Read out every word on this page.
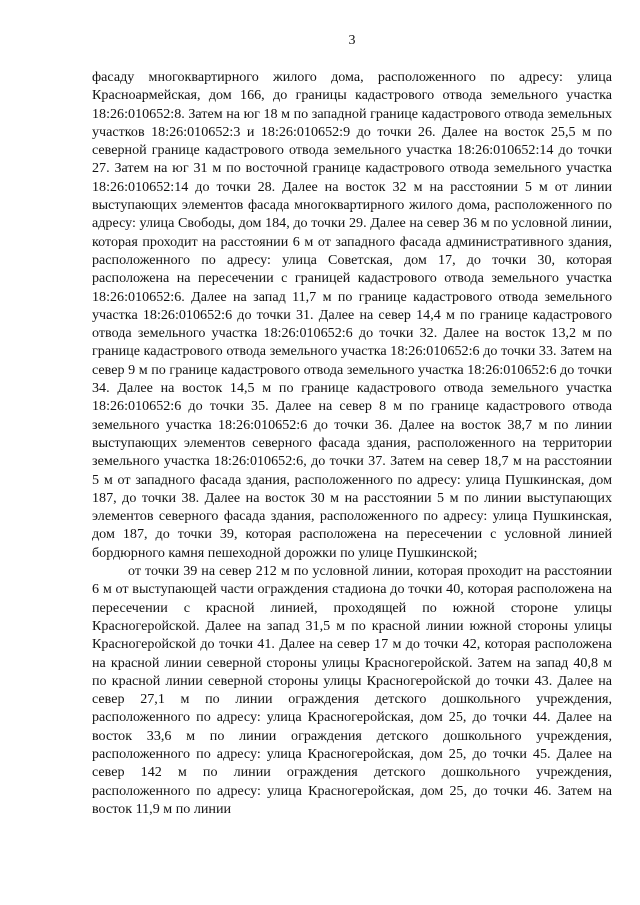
3

фасаду многоквартирного жилого дома, расположенного по адресу: улица Красноармейская, дом 166, до границы кадастрового отвода земельного участка 18:26:010652:8. Затем на юг 18 м по западной границе кадастрового отвода земельных участков 18:26:010652:3 и 18:26:010652:9 до точки 26. Далее на восток 25,5 м по северной границе кадастрового отвода земельного участка 18:26:010652:14 до точки 27. Затем на юг 31 м по восточной границе кадастрового отвода земельного участка 18:26:010652:14 до точки 28. Далее на восток 32 м на расстоянии 5 м от линии выступающих элементов фасада многоквартирного жилого дома, расположенного по адресу: улица Свободы, дом 184, до точки 29. Далее на север 36 м по условной линии, которая проходит на расстоянии 6 м от западного фасада административного здания, расположенного по адресу: улица Советская, дом 17, до точки 30, которая расположена на пересечении с границей кадастрового отвода земельного участка 18:26:010652:6. Далее на запад 11,7 м по границе кадастрового отвода земельного участка 18:26:010652:6 до точки 31. Далее на север 14,4 м по границе кадастрового отвода земельного участка 18:26:010652:6 до точки 32. Далее на восток 13,2 м по границе кадастрового отвода земельного участка 18:26:010652:6 до точки 33. Затем на север 9 м по границе кадастрового отвода земельного участка 18:26:010652:6 до точки 34. Далее на восток 14,5 м по границе кадастрового отвода земельного участка 18:26:010652:6 до точки 35. Далее на север 8 м по границе кадастрового отвода земельного участка 18:26:010652:6 до точки 36. Далее на восток 38,7 м по линии выступающих элементов северного фасада здания, расположенного на территории земельного участка 18:26:010652:6, до точки 37. Затем на север 18,7 м на расстоянии 5 м от западного фасада здания, расположенного по адресу: улица Пушкинская, дом 187, до точки 38. Далее на восток 30 м на расстоянии 5 м по линии выступающих элементов северного фасада здания, расположенного по адресу: улица Пушкинская, дом 187, до точки 39, которая расположена на пересечении с условной линией бордюрного камня пешеходной дорожки по улице Пушкинской;

от точки 39 на север 212 м по условной линии, которая проходит на расстоянии 6 м от выступающей части ограждения стадиона до точки 40, которая расположена на пересечении с красной линией, проходящей по южной стороне улицы Красногеройской. Далее на запад 31,5 м по красной линии южной стороны улицы Красногеройской до точки 41. Далее на север 17 м до точки 42, которая расположена на красной линии северной стороны улицы Красногеройской. Затем на запад 40,8 м по красной линии северной стороны улицы Красногеройской до точки 43. Далее на север 27,1 м по линии ограждения детского дошкольного учреждения, расположенного по адресу: улица Красногеройская, дом 25, до точки 44. Далее на восток 33,6 м по линии ограждения детского дошкольного учреждения, расположенного по адресу: улица Красногеройская, дом 25, до точки 45. Далее на север 142 м по линии ограждения детского дошкольного учреждения, расположенного по адресу: улица Красногеройская, дом 25, до точки 46. Затем на восток 11,9 м по линии
